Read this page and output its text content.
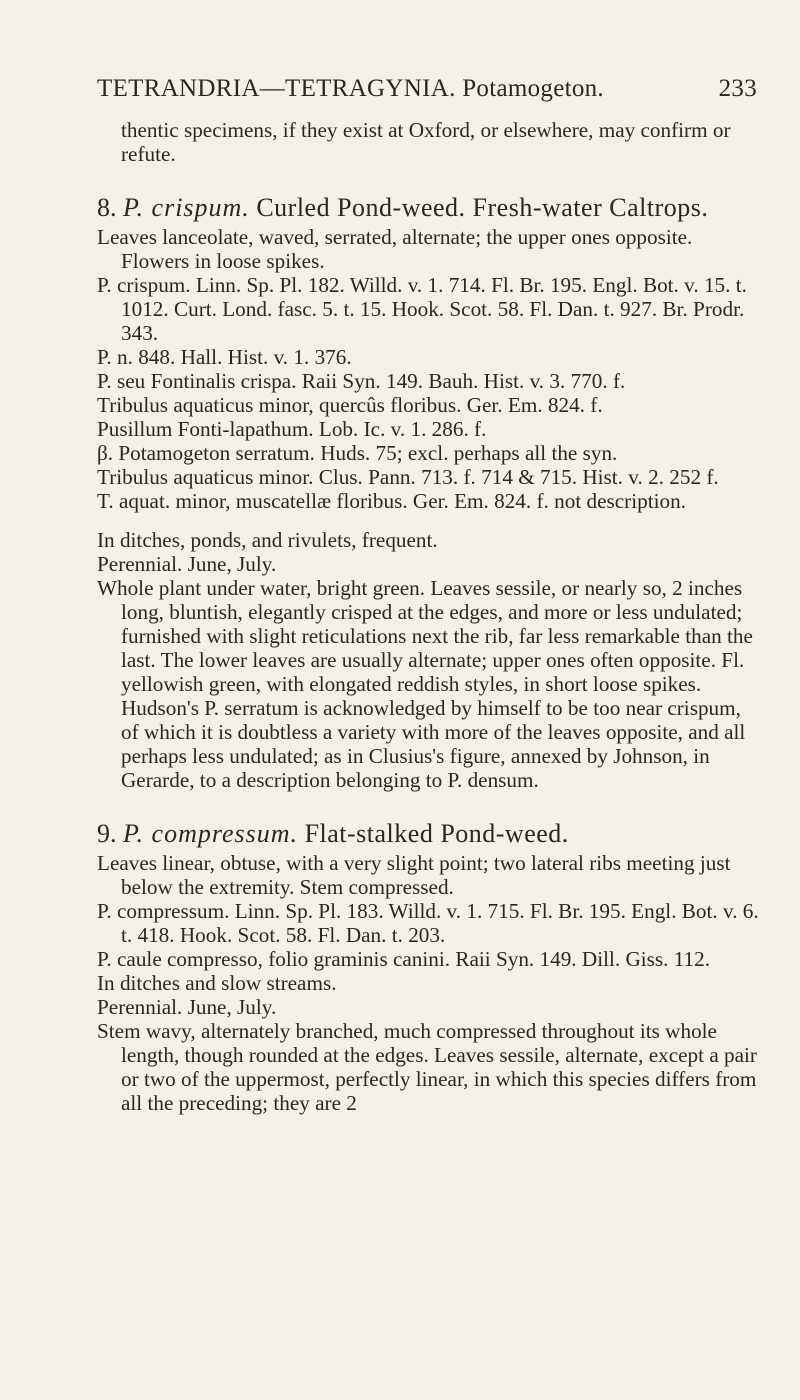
TETRANDRIA—TETRAGYNIA. Potamogeton.	233

thentic specimens, if they exist at Oxford, or elsewhere, may confirm or refute.

8. P. crispum. Curled Pond-weed. Fresh-water Caltrops.

Leaves lanceolate, waved, serrated, alternate; the upper ones opposite. Flowers in loose spikes.

P. crispum. Linn. Sp. Pl. 182. Willd. v. 1. 714. Fl. Br. 195. Engl. Bot. v. 15. t. 1012. Curt. Lond. fasc. 5. t. 15. Hook. Scot. 58. Fl. Dan. t. 927. Br. Prodr. 343.

P. n. 848. Hall. Hist. v. 1. 376.

P. seu Fontinalis crispa. Raii Syn. 149. Bauh. Hist. v. 3. 770. f.

Tribulus aquaticus minor, quercûs floribus. Ger. Em. 824. f.

Pusillum Fonti-lapathum. Lob. Ic. v. 1. 286. f.

β. Potamogeton serratum. Huds. 75; excl. perhaps all the syn.

Tribulus aquaticus minor. Clus. Pann. 713. f. 714 & 715. Hist. v. 2. 252 f.

T. aquat. minor, muscatellæ floribus. Ger. Em. 824. f. not description.

In ditches, ponds, and rivulets, frequent.

Perennial. June, July.

Whole plant under water, bright green. Leaves sessile, or nearly so, 2 inches long, bluntish, elegantly crisped at the edges, and more or less undulated; furnished with slight reticulations next the rib, far less remarkable than the last. The lower leaves are usually alternate; upper ones often opposite. Fl. yellowish green, with elongated reddish styles, in short loose spikes. Hudson's P. serratum is acknowledged by himself to be too near crispum, of which it is doubtless a variety with more of the leaves opposite, and all perhaps less undulated; as in Clusius's figure, annexed by Johnson, in Gerarde, to a description belonging to P. densum.

9. P. compressum. Flat-stalked Pond-weed.

Leaves linear, obtuse, with a very slight point; two lateral ribs meeting just below the extremity. Stem compressed.

P. compressum. Linn. Sp. Pl. 183. Willd. v. 1. 715. Fl. Br. 195. Engl. Bot. v. 6. t. 418. Hook. Scot. 58. Fl. Dan. t. 203.

P. caule compresso, folio graminis canini. Raii Syn. 149. Dill. Giss. 112.

In ditches and slow streams.

Perennial. June, July.

Stem wavy, alternately branched, much compressed throughout its whole length, though rounded at the edges. Leaves sessile, alternate, except a pair or two of the uppermost, perfectly linear, in which this species differs from all the preceding; they are 2
